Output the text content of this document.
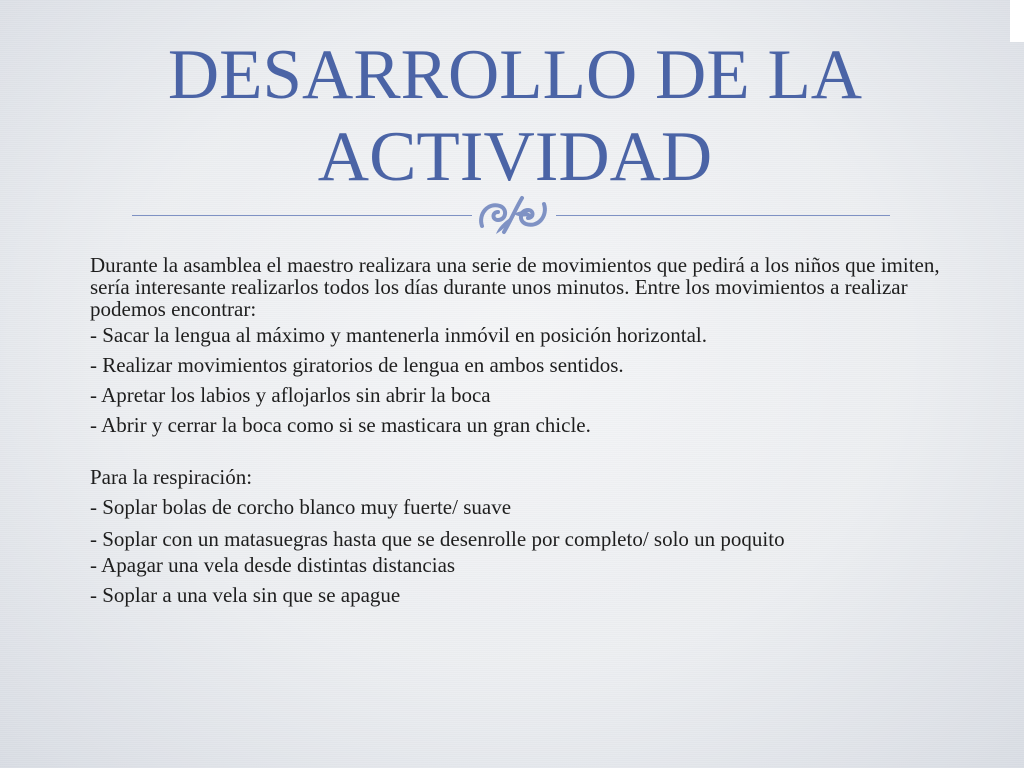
DESARROLLO DE LA ACTIVIDAD

Durante la asamblea el maestro realizara una serie de movimientos que pedirá a los niños que imiten, sería interesante realizarlos todos los días durante unos minutos. Entre los movimientos a realizar podemos encontrar:

- Sacar la lengua al máximo y mantenerla inmóvil en posición horizontal.

- Realizar movimientos giratorios de lengua en ambos sentidos.

- Apretar los labios y aflojarlos sin abrir la boca

- Abrir y cerrar la boca como si se masticara un gran chicle.

Para la respiración:

- Soplar bolas de corcho blanco muy fuerte/ suave

- Soplar con un matasuegras hasta que se desenrolle por completo/ solo un poquito

- Apagar una vela desde distintas distancias

- Soplar a una vela sin que se apague
